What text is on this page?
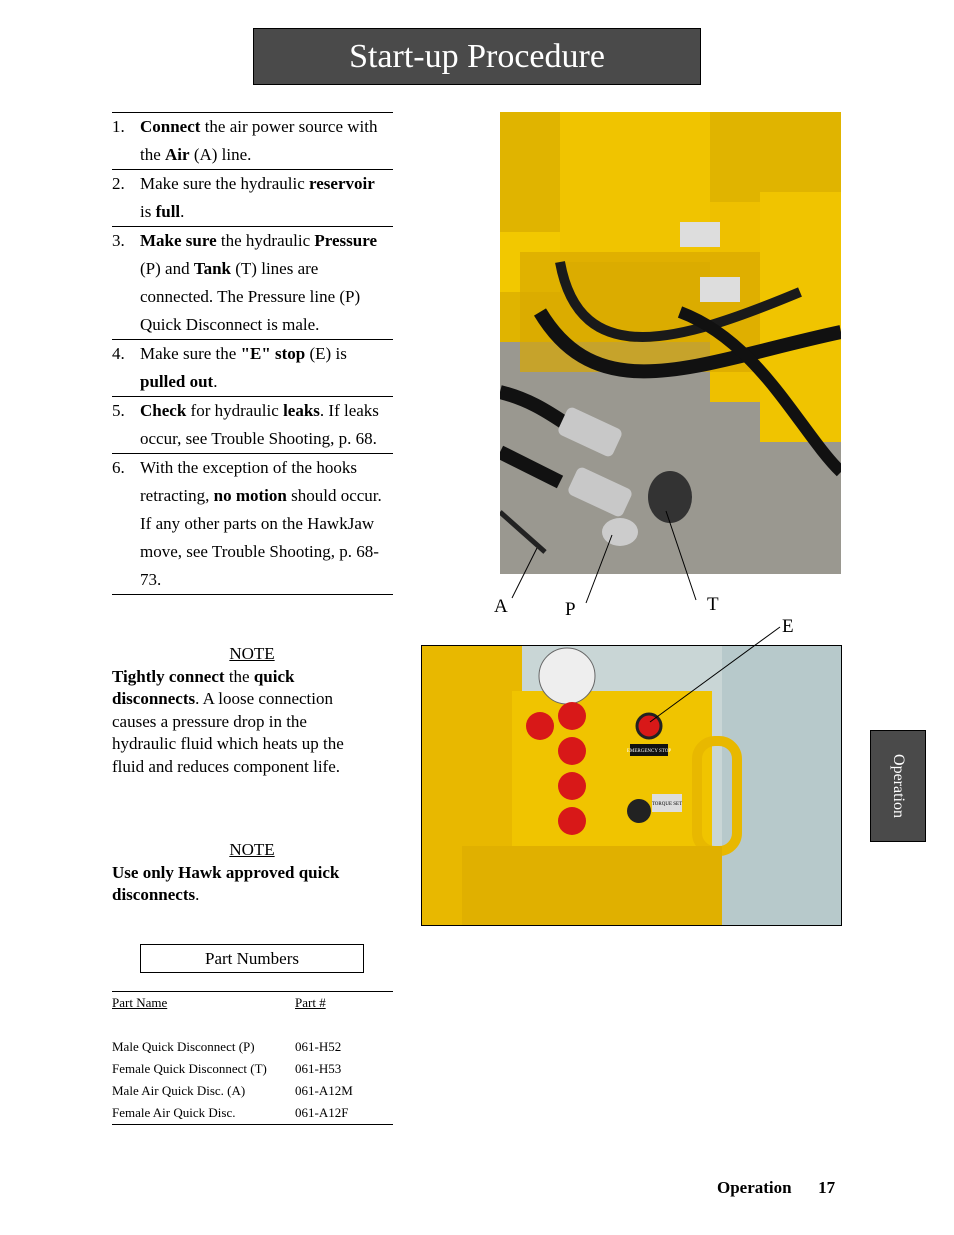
Start-up Procedure
1. Connect the air power source with the Air (A) line.
2. Make sure the hydraulic reservoir is full.
3. Make sure the hydraulic Pressure (P) and Tank (T) lines are connected. The Pressure line (P) Quick Disconnect is male.
4. Make sure the "E" stop (E) is pulled out.
5. Check for hydraulic leaks. If leaks occur, see Trouble Shooting, p. 68.
6. With the exception of the hooks retracting, no motion should occur. If any other parts on the HawkJaw move, see Trouble Shooting, p. 68-73.
NOTE
Tightly connect the quick disconnects. A loose connection causes a pressure drop in the hydraulic fluid which heats up the fluid and reduces component life.
NOTE
Use only Hawk approved quick disconnects.
Part Numbers
Part Name	Part #
Male Quick Disconnect (P)	061-H52
Female Quick Disconnect (T)	061-H53
Male Air Quick Disc. (A)	061-A12M
Female Air Quick Disc.	061-A12F
EMERGENCY STOP
TORQUE SET
A	P	T
E
Operation
Operation 17
